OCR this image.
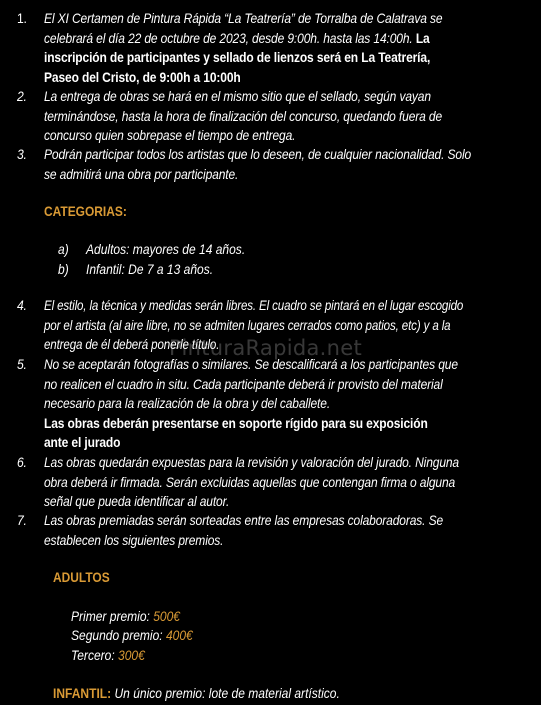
1. El XI Certamen de Pintura Rápida “La Teatrería” de Torralba de Calatrava se
celebrará el día 22 de octubre de 2023, desde 9:00h. hasta las 14:00h. La
inscripción de participantes y sellado de lienzos será en La Teatrería,
Paseo del Cristo, de 9:00h a 10:00h
2. La entrega de obras se hará en el mismo sitio que el sellado, según vayan
terminándose, hasta la hora de finalización del concurso, quedando fuera de
concurso quien sobrepase el tiempo de entrega.
3. Podrán participar todos los artistas que lo deseen, de cualquier nacionalidad. Solo
se admitirá una obra por participante.
CATEGORIAS:
a) Adultos: mayores de 14 años.
b) Infantil: De 7 a 13 años.
4. El estilo, la técnica y medidas serán libres. El cuadro se pintará en el lugar escogido
por el artista (al aire libre, no se admiten lugares cerrados como patios, etc) y a la
entrega de él deberá ponerle título.
5. No se aceptarán fotografías o similares. Se descalificará a los participantes que
no realicen el cuadro in situ. Cada participante deberá ir provisto del material
necesario para la realización de la obra y del caballete.
Las obras deberán presentarse en soporte rígido para su exposición
ante el jurado
6. Las obras quedarán expuestas para la revisión y valoración del jurado. Ninguna
obra deberá ir firmada. Serán excluidas aquellas que contengan firma o alguna
señal que pueda identificar al autor.
7. Las obras premiadas serán sorteadas entre las empresas colaboradoras. Se
establecen los siguientes premios.
ADULTOS
Primer premio: 500€
Segundo premio: 400€
Tercero: 300€
INFANTIL: Un único premio: lote de material artístico.
PinturaRapida.net
